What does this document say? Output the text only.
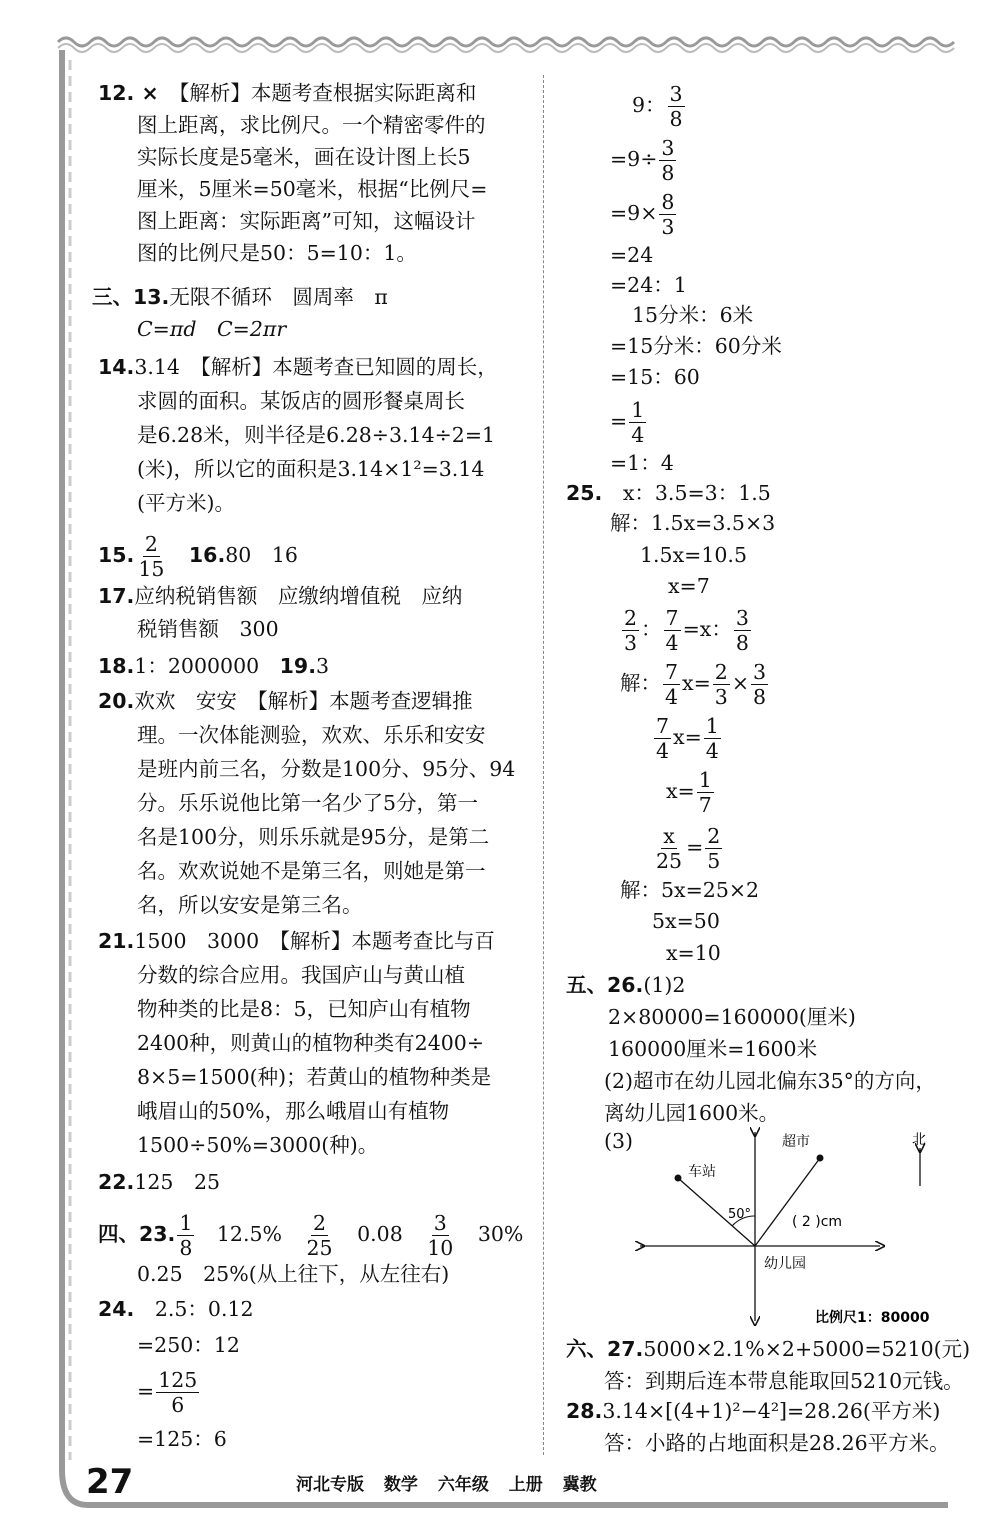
12. ×　 【解析】本题考查根据实际距离和
图上距离，求比例尺。一个精密零件的
实际长度是5毫米，画在设计图上长5
厘米，5厘米=50毫米，根据“比例尺=
图上距离：实际距离”可知，这幅设计
图的比例尺是50：5=10：1。
三、13.无限不循环　圆周率　π
C=πd　C=2πr
14.3.14　 【解析】本题考查已知圆的周长，
求圆的面积。某饭店的圆形餐桌周长
是6.28米，则半径是6.28÷3.14÷2=1
(米)，所以它的面积是3.14×1²=3.14
(平方米)。
15. $\frac{2}{15}$
　 16.80　16
17.应纳税销售额　应缴纳增值税　应纳
税销售额　300
18.1：2000000　 19.3
20.欢欢　安安　 【解析】本题考查逻辑推
理。一次体能测验，欢欢、乐乐和安安
是班内前三名，分数是100分、95分、94
分。乐乐说他比第一名少了5分，第一
名是100分，则乐乐就是95分，是第二
名。欢欢说她不是第三名，则她是第一
名，所以安安是第三名。
21.1500　3000　 【解析】本题考查比与百
分数的综合应用。我国庐山与黄山植
物种类的比是8：5，已知庐山有植物
2400种，则黄山的植物种类有2400÷
8×5=1500(种)；若黄山的植物种类是
峨眉山的50%，那么峨眉山有植物
1500÷50%=3000(种)。
22.125　25
四、23. $\frac{1}{8}$
　 12.5%　 $\frac{2}{25}$
　 0.08　 $\frac{3}{10}$
　 30%
0.25　25%(从上往下，从左往右)
24.　 2.5：0.12
=250：12
= $\frac{125}{6}$
=125：6
9： $\frac{3}{8}$
$=9\div \frac{3}{8}$
$=9\times \frac{8}{3}$
=24
=24：1
15分米：6米
=15分米：60分米
=15：60
= $\frac{1}{4}$
=1：4
25.　 x：3.5=3：1.5
解：1.5x=3.5×3
1.5x=10.5
x=7
$\frac{2}{3}$ ： $\frac{7}{4} =x$： $\frac{3}{8}$
解： $\frac{7}{4} x= \frac{2}{3} \times \frac{3}{8}$
$\frac{7}{4} x= \frac{1}{4}$
$x= \frac{1}{7}$
$\frac{x}{25} = \frac{2}{5}$
解：5x=25×2
5x=50
x=10
五、26.(1)2
2×80000=160000(厘米)
160000厘米=1600米
(2)超市在幼儿园北偏东35°的方向，
离幼儿园1600米。
(3)	北
车站
超市
50°	( 2 )cm
幼儿园
比例尺1：80000
六、27.5000×2.1%×2+5000=5210(元)
答：到期后连本带息能取回5210元钱。
28.3.14×[(4+1)²−4²]=28.26(平方米)
答：小路的占地面积是28.26平方米。
27	河北专版 数学 六年级 上册 冀教
